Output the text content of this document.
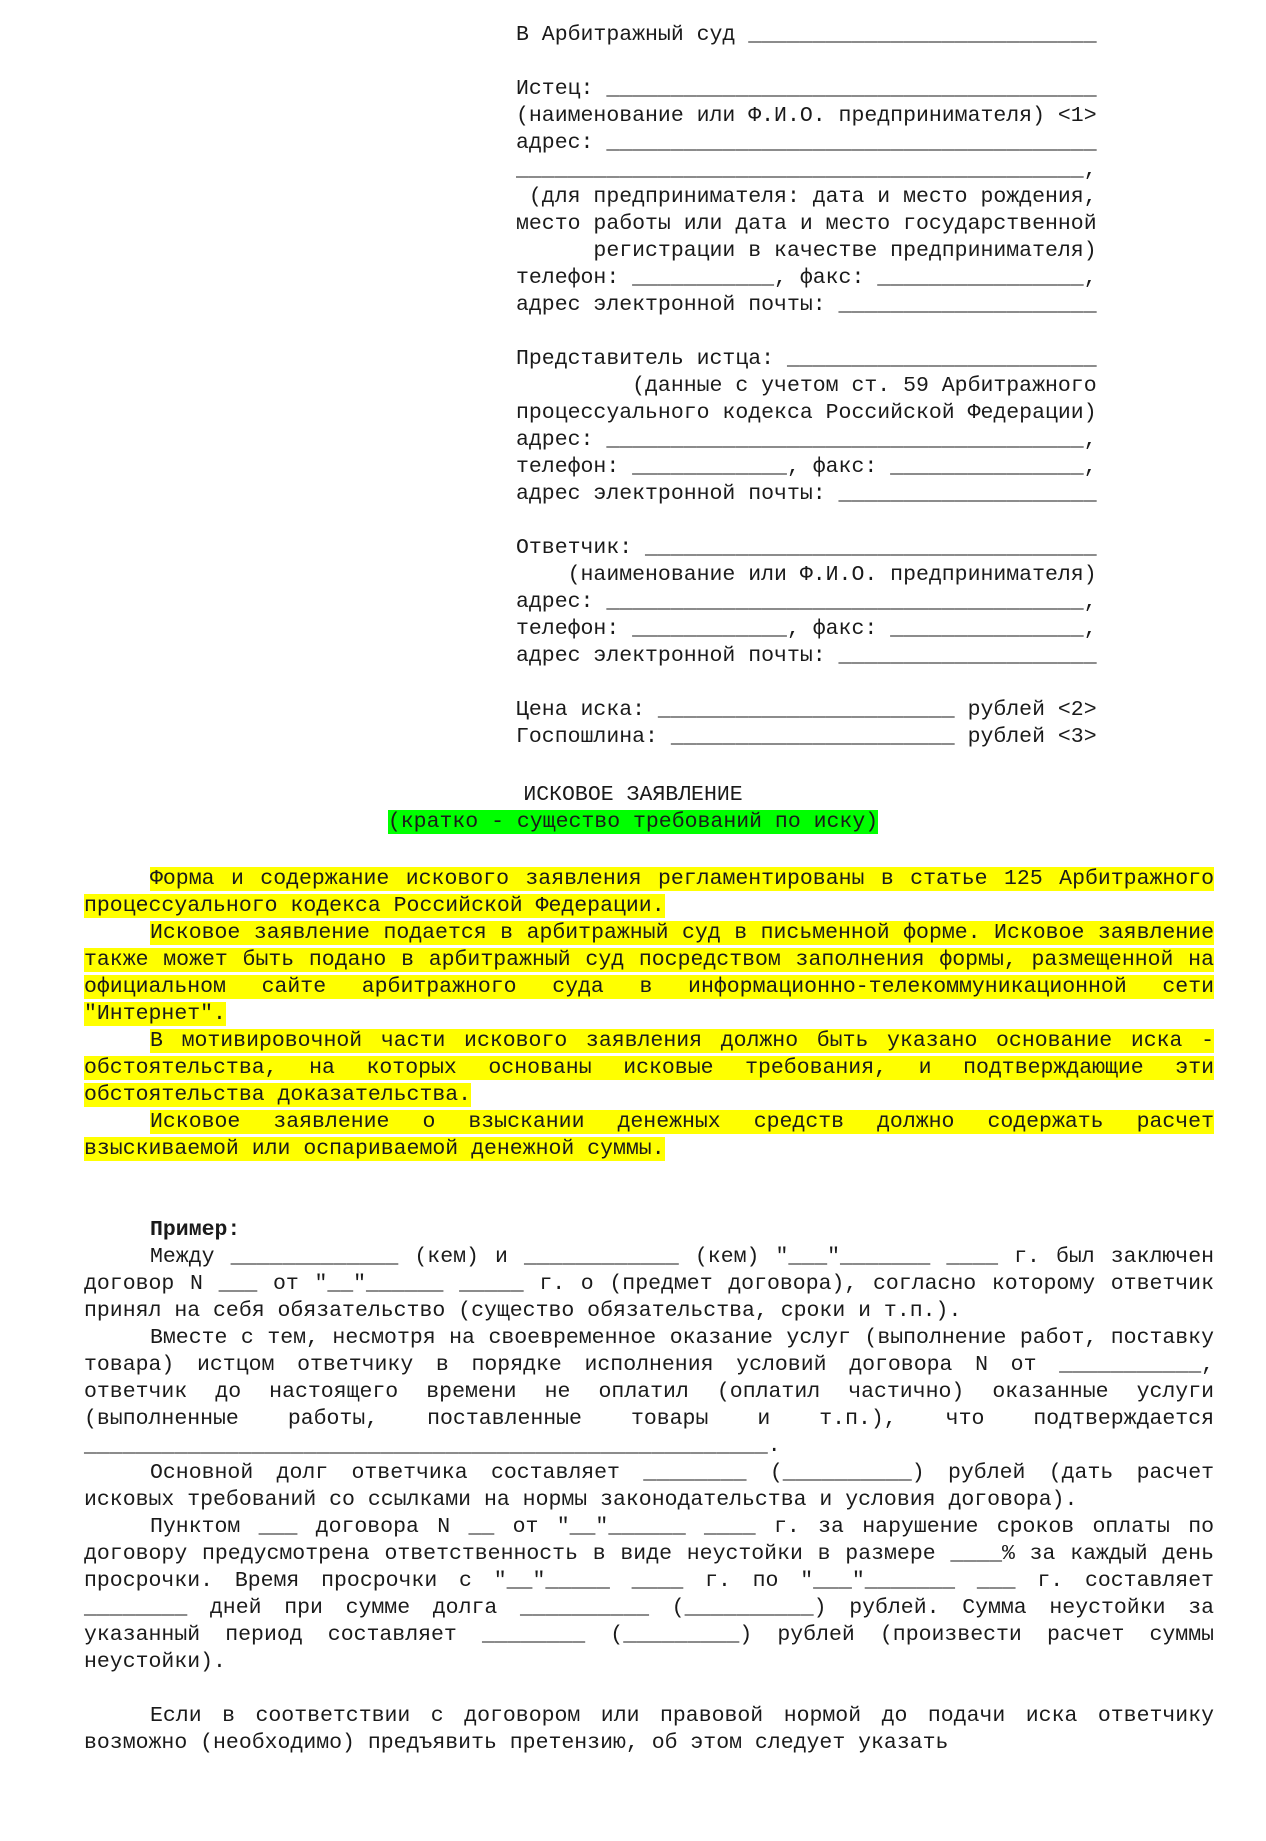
В Арбитражный суд ___________________________
Истец: ______________________________________
(наименование или Ф.И.О. предпринимателя) <1>
адрес: ______________________________________
____________________________________________,
(для предпринимателя: дата и место рождения,
место работы или дата и место государственной
регистрации в качестве предпринимателя)
телефон: ___________, факс: ________________,
адрес электронной почты: ____________________
Представитель истца: ________________________
(данные с учетом ст. 59 Арбитражного
процессуального кодекса Российской Федерации)
адрес: _____________________________________,
телефон: ____________, факс: _______________,
адрес электронной почты: ____________________
Ответчик: ___________________________________
(наименование или Ф.И.О. предпринимателя)
адрес: _____________________________________,
телефон: ____________, факс: _______________,
адрес электронной почты: ____________________
Цена иска: _______________________ рублей <2>
Госпошлина: ______________________ рублей <3>
ИСКОВОЕ ЗАЯВЛЕНИЕ
(кратко - существо требований по иску)

Форма и содержание искового заявления регламентированы в статье 125 Арбитражного процессуального кодекса Российской Федерации.

Исковое заявление подается в арбитражный суд в письменной форме. Исковое заявление также может быть подано в арбитражный суд посредством заполнения формы, размещенной на официальном сайте арбитражного суда в информационно-телекоммуникационной сети "Интернет".

В мотивировочной части искового заявления должно быть указано основание иска - обстоятельства, на которых основаны исковые требования, и подтверждающие эти обстоятельства доказательства.

Исковое заявление о взыскании денежных средств должно содержать расчет взыскиваемой или оспариваемой денежной суммы.

Пример:

Между _____________ (кем) и ____________ (кем) "___"_______ ____ г. был заключен договор N ___ от "__"______ _____ г. о (предмет договора), согласно которому ответчик принял на себя обязательство (существо обязательства, сроки и т.п.).

Вместе с тем, несмотря на своевременное оказание услуг (выполнение работ, поставку товара) истцом ответчику в порядке исполнения условий договора N от ___________, ответчик до настоящего времени не оплатил (оплатил частично) оказанные услуги (выполненные работы, поставленные товары и т.п.), что подтверждается _____________________________________________________.

Основной долг ответчика составляет ________ (__________) рублей (дать расчет исковых требований со ссылками на нормы законодательства и условия договора).

Пунктом ___ договора N __ от "__"______ ____ г. за нарушение сроков оплаты по договору предусмотрена ответственность в виде неустойки в размере ____% за каждый день просрочки. Время просрочки с "__"_____ ____ г. по "___"_______ ___ г. составляет ________ дней при сумме долга __________ (__________) рублей. Сумма неустойки за указанный период составляет ________ (_________) рублей (произвести расчет суммы неустойки).

Если в соответствии с договором или правовой нормой до подачи иска ответчику возможно (необходимо) предъявить претензию, об этом следует указать
